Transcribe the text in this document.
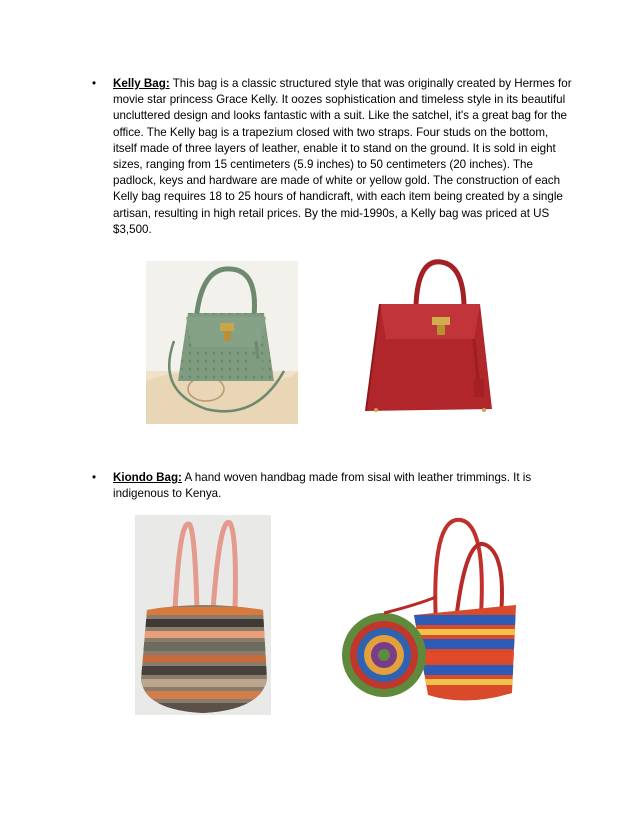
•	Kelly Bag: This bag is a classic structured style that was originally created by Hermes for movie star princess Grace Kelly. It oozes sophistication and timeless style in its beautiful uncluttered design and looks fantastic with a suit. Like the satchel, it's a great bag for the office. The Kelly bag is a trapezium closed with two straps. Four studs on the bottom, itself made of three layers of leather, enable it to stand on the ground. It is sold in eight sizes, ranging from 15 centimeters (5.9 inches) to 50 centimeters (20 inches). The padlock, keys and hardware are made of white or yellow gold. The construction of each Kelly bag requires 18 to 25 hours of handicraft, with each item being created by a single artisan, resulting in high retail prices. By the mid-1990s, a Kelly bag was priced at US $3,500.
•	Kiondo Bag: A hand woven handbag made from sisal with leather trimmings. It is indigenous to Kenya.
